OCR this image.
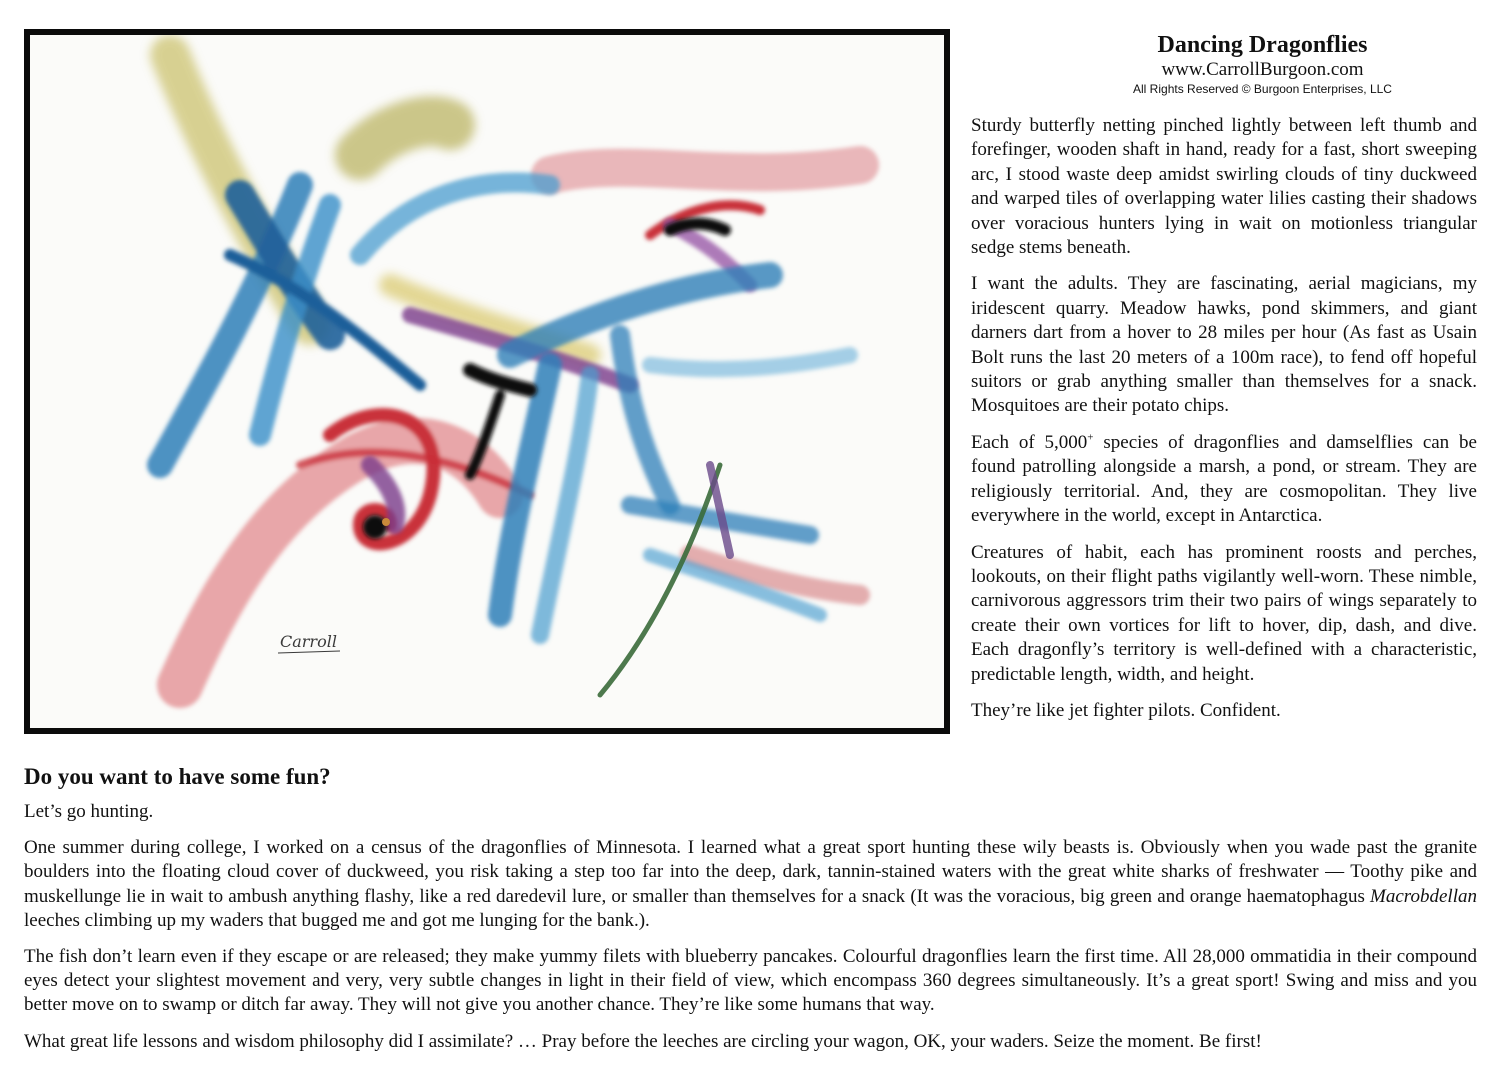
Carroll
Dancing Dragonflies
www.CarrollBurgoon.com
All Rights Reserved © Burgoon Enterprises, LLC

Sturdy butterfly netting pinched lightly between left thumb and forefinger, wooden shaft in hand, ready for a fast, short sweeping arc, I stood waste deep amidst swirling clouds of tiny duckweed and warped tiles of overlapping water lilies casting their shadows over voracious hunters lying in wait on motionless triangular sedge stems beneath.

I want the adults. They are fascinating, aerial magicians, my iridescent quarry. Meadow hawks, pond skimmers, and giant darners dart from a hover to 28 miles per hour (As fast as Usain Bolt runs the last 20 meters of a 100m race), to fend off hopeful suitors or grab anything smaller than themselves for a snack. Mosquitoes are their potato chips.

Each of 5,000+ species of dragonflies and damselflies can be found patrolling alongside a marsh, a pond, or stream. They are religiously territorial. And, they are cosmopolitan. They live everywhere in the world, except in Antarctica.

Creatures of habit, each has prominent roosts and perches, lookouts, on their flight paths vigilantly well-worn. These nimble, carnivorous aggressors trim their two pairs of wings separately to create their own vortices for lift to hover, dip, dash, and dive. Each dragonfly’s territory is well-defined with a characteristic, predictable length, width, and height.

They’re like jet fighter pilots. Confident.

Do you want to have some fun?

Let’s go hunting.

One summer during college, I worked on a census of the dragonflies of Minnesota. I learned what a great sport hunting these wily beasts is. Obviously when you wade past the granite boulders into the floating cloud cover of duckweed, you risk taking a step too far into the deep, dark, tannin-stained waters with the great white sharks of freshwater — Toothy pike and muskellunge lie in wait to ambush anything flashy, like a red daredevil lure, or smaller than themselves for a snack (It was the voracious, big green and orange haematophagus Macrobdellan leeches climbing up my waders that bugged me and got me lunging for the bank.).

The fish don’t learn even if they escape or are released; they make yummy filets with blueberry pancakes. Colourful dragonflies learn the first time. All 28,000 ommatidia in their compound eyes detect your slightest movement and very, very subtle changes in light in their field of view, which encompass 360 degrees simultaneously. It’s a great sport! Swing and miss and you better move on to swamp or ditch far away. They will not give you another chance. They’re like some humans that way.

What great life lessons and wisdom philosophy did I assimilate? … Pray before the leeches are circling your wagon, OK, your waders. Seize the moment. Be first!
